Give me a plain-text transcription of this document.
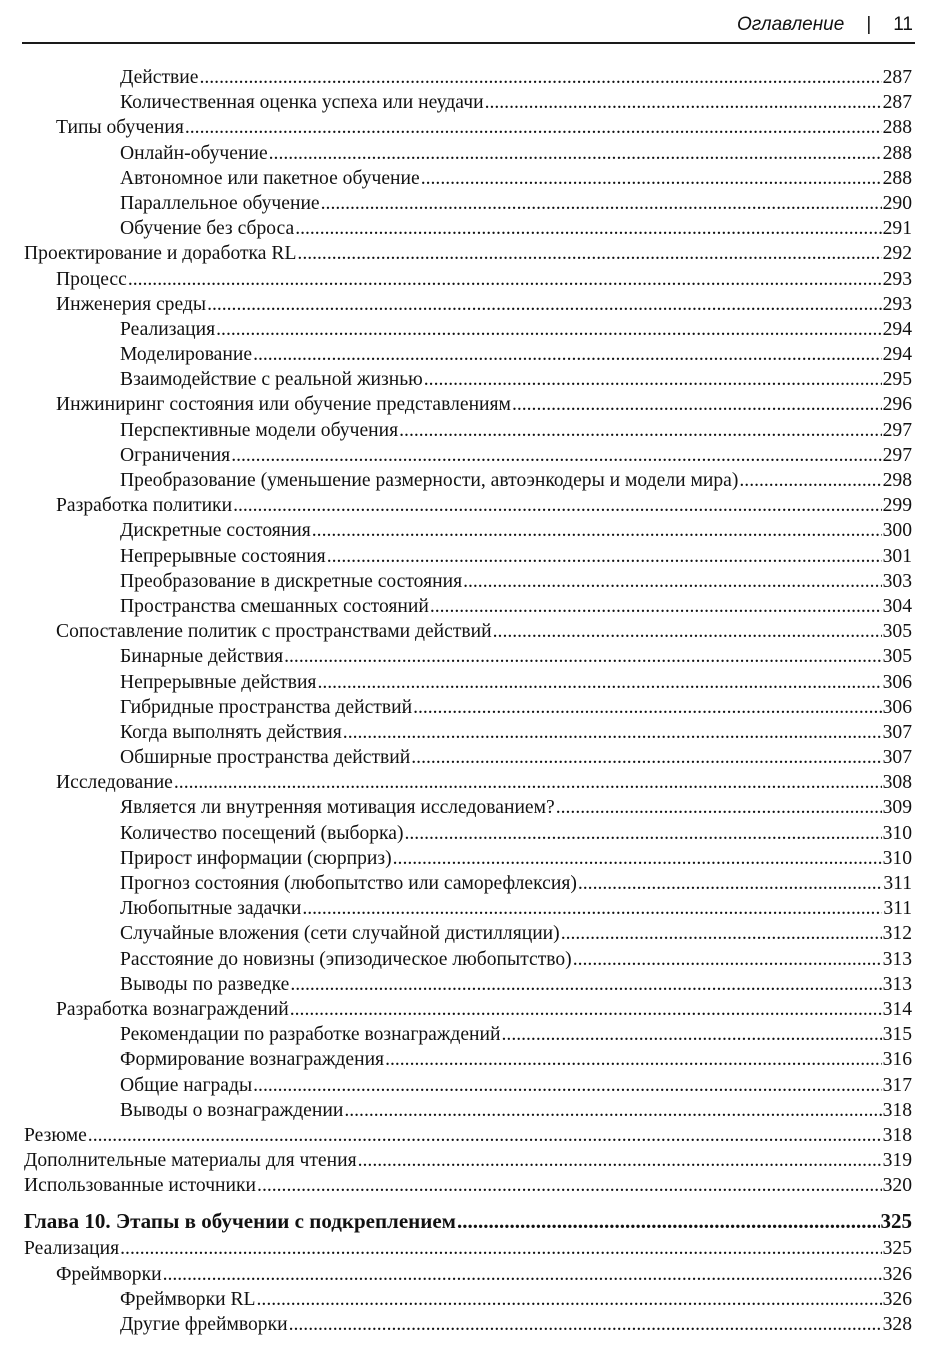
Оглавление | 11
Действие .....	287
Количественная оценка успеха или неудачи .....	287
Типы обучения .....	288
Онлайн-обучение .....	288
Автономное или пакетное обучение .....	288
Параллельное обучение .....	290
Обучение без сброса .....	291
Проектирование и доработка RL .....	292
Процесс .....	293
Инженерия среды .....	293
Реализация .....	294
Моделирование .....	294
Взаимодействие с реальной жизнью .....	295
Инжиниринг состояния или обучение представлениям .....	296
Перспективные модели обучения .....	297
Ограничения .....	297
Преобразование (уменьшение размерности, автоэнкодеры и модели мира) .....	298
Разработка политики .....	299
Дискретные состояния .....	300
Непрерывные состояния .....	301
Преобразование в дискретные состояния .....	303
Пространства смешанных состояний .....	304
Сопоставление политик с пространствами действий .....	305
Бинарные действия .....	305
Непрерывные действия .....	306
Гибридные пространства действий .....	306
Когда выполнять действия .....	307
Обширные пространства действий .....	307
Исследование .....	308
Является ли внутренняя мотивация исследованием? .....	309
Количество посещений (выборка) .....	310
Прирост информации (сюрприз) .....	310
Прогноз состояния (любопытство или саморефлексия) .....	311
Любопытные задачки .....	311
Случайные вложения (сети случайной дистилляции) .....	312
Расстояние до новизны (эпизодическое любопытство) .....	313
Выводы по разведке .....	313
Разработка вознаграждений .....	314
Рекомендации по разработке вознаграждений .....	315
Формирование вознаграждения .....	316
Общие награды .....	317
Выводы о вознаграждении .....	318
Резюме .....	318
Дополнительные материалы для чтения .....	319
Использованные источники .....	320
Глава 10. Этапы в обучении с подкреплением .....	325
Реализация .....	325
Фреймворки .....	326
Фреймворки RL .....	326
Другие фреймворки .....	328
